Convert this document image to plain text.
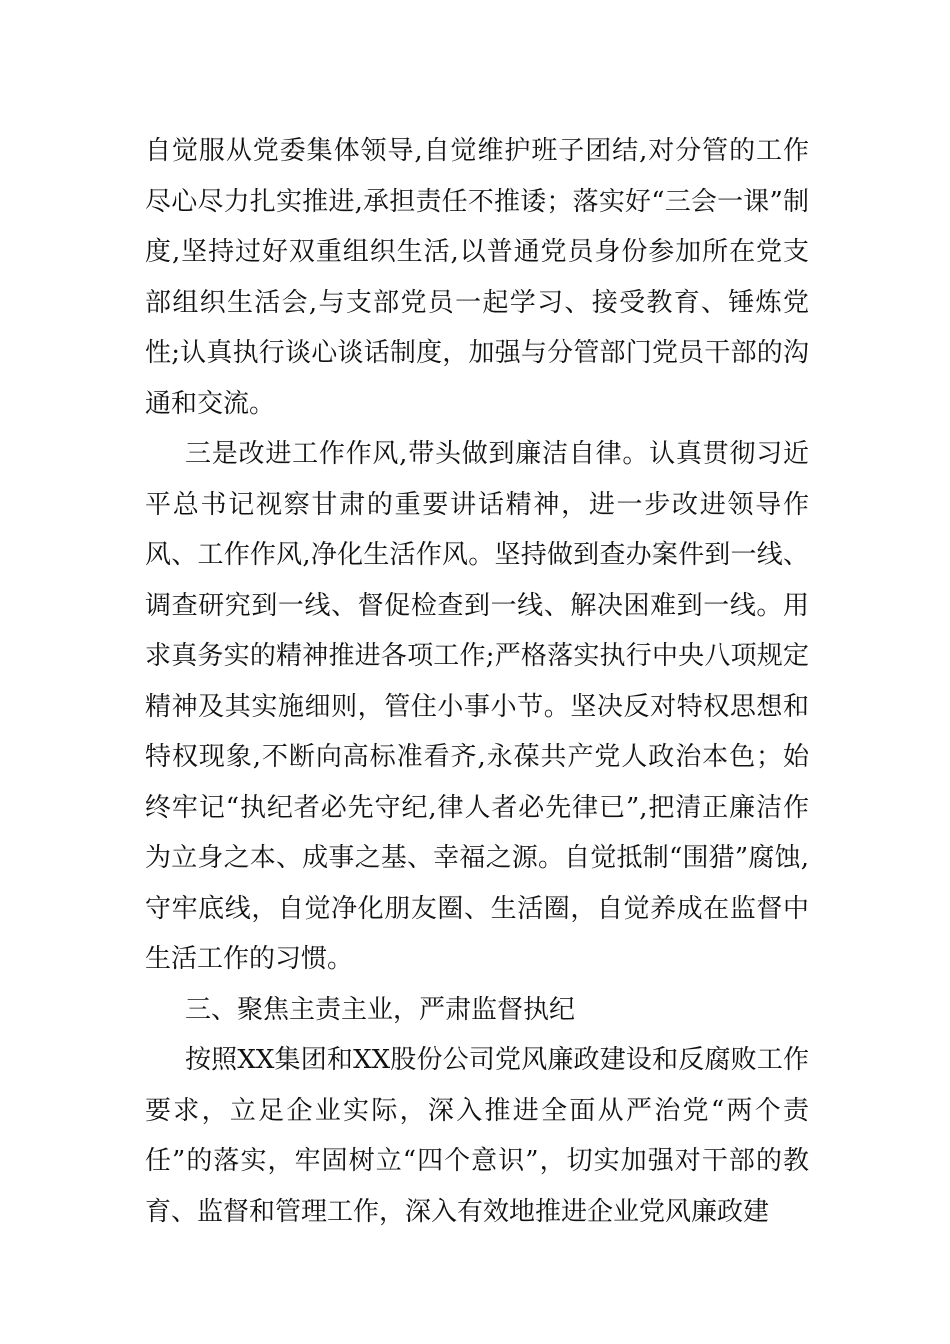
自觉服从党委集体领导,自觉维护班子团结,对分管的工作尽心尽力扎实推进,承担责任不推诿；落实好“三会一课”制度,坚持过好双重组织生活,以普通党员身份参加所在党支部组织生活会,与支部党员一起学习、接受教育、锤炼党性;认真执行谈心谈话制度，加强与分管部门党员干部的沟通和交流。

三是改进工作作风,带头做到廉洁自律。认真贯彻习近平总书记视察甘肃的重要讲话精神，进一步改进领导作风、工作作风,净化生活作风。坚持做到查办案件到一线、调查研究到一线、督促检查到一线、解决困难到一线。用求真务实的精神推进各项工作;严格落实执行中央八项规定精神及其实施细则，管住小事小节。坚决反对特权思想和特权现象,不断向高标准看齐,永葆共产党人政治本色；始终牢记“执纪者必先守纪,律人者必先律已”,把清正廉洁作为立身之本、成事之基、幸福之源。自觉抵制“围猎”腐蚀,守牢底线，自觉净化朋友圈、生活圈，自觉养成在监督中生活工作的习惯。

三、聚焦主责主业，严肃监督执纪

按照XX集团和XX股份公司党风廉政建设和反腐败工作要求，立足企业实际，深入推进全面从严治党“两个责任”的落实，牢固树立“四个意识”，切实加强对干部的教育、监督和管理工作，深入有效地推进企业党风廉政建
